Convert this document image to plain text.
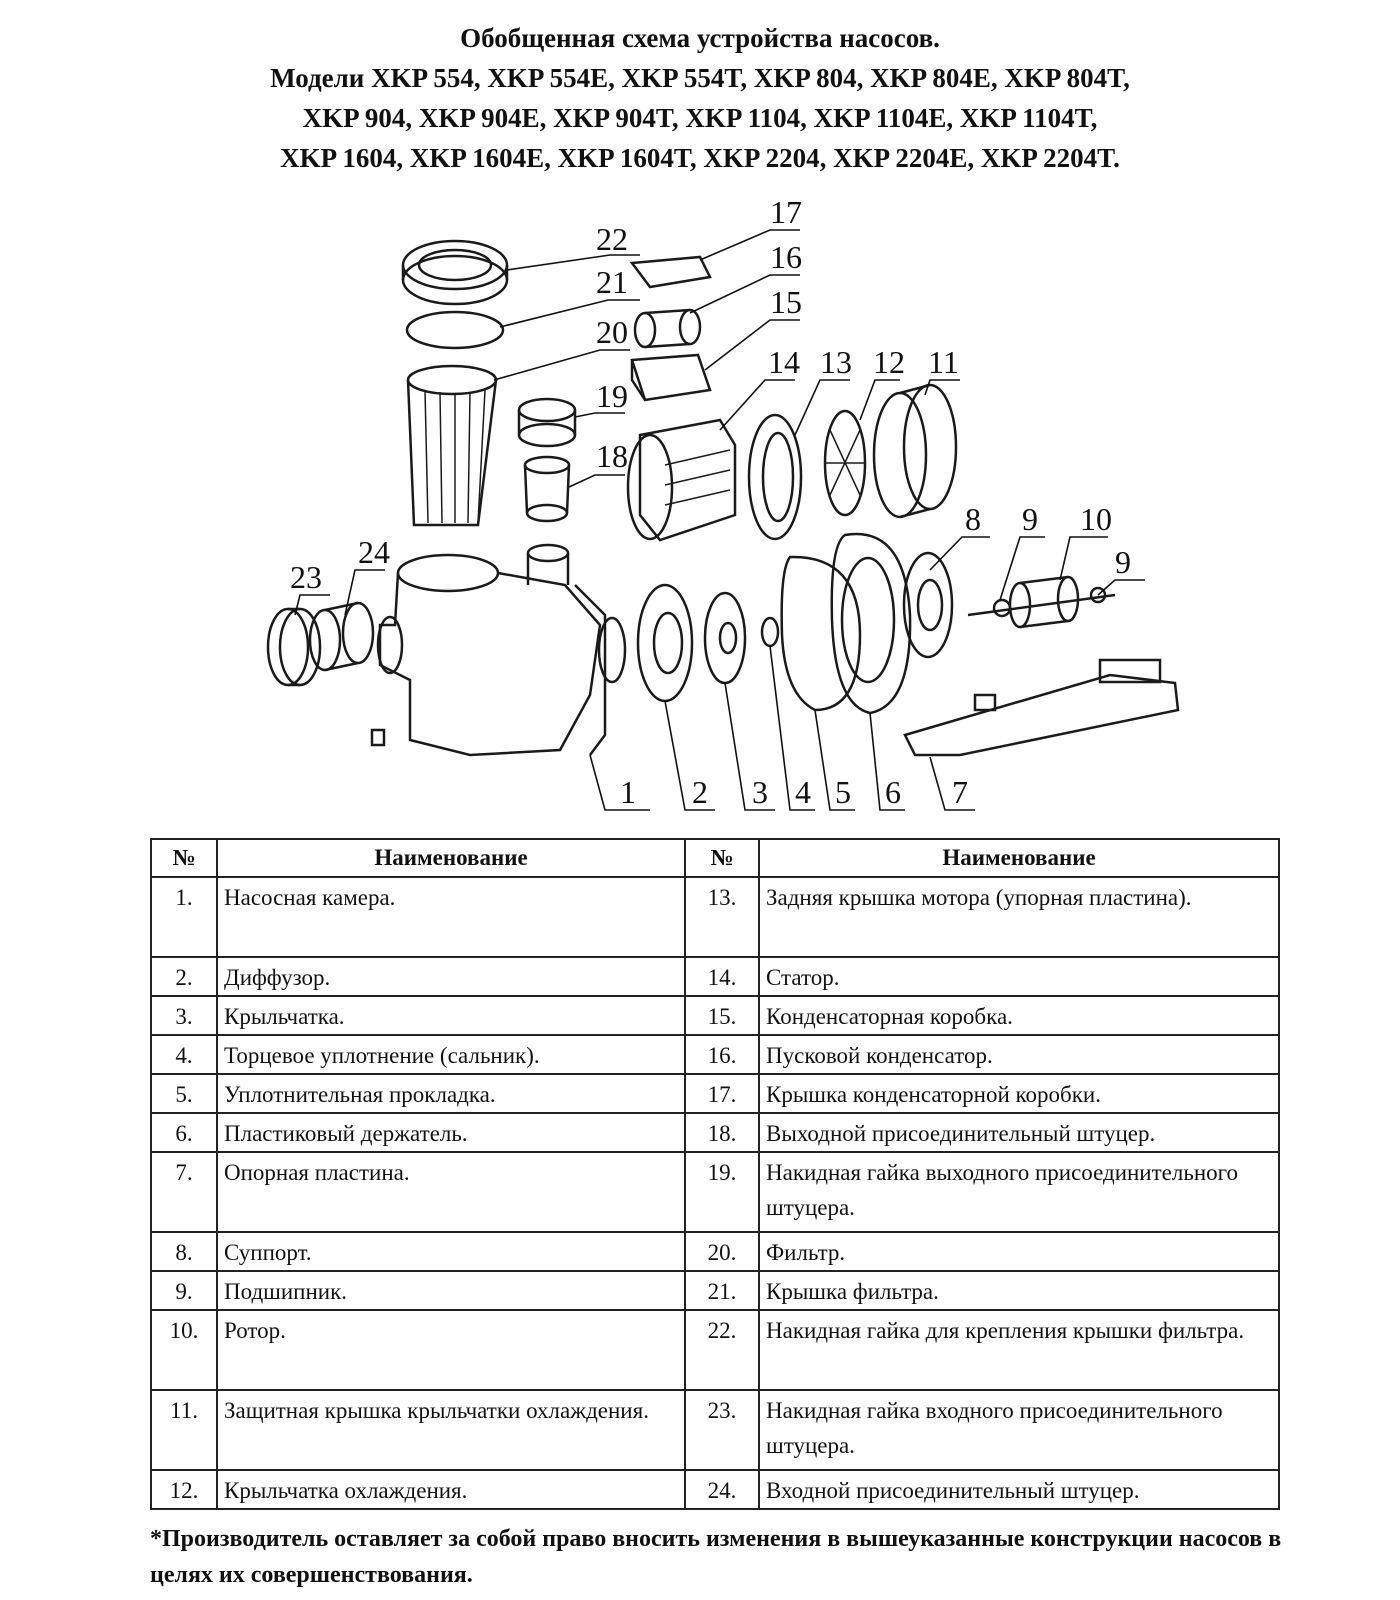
Обобщенная схема устройства насосов.
Модели XKP 554, XKP 554E, XKP 554T, XKP 804, XKP 804E, XKP 804T,
XKP 904, XKP 904E, XKP 904T, XKP 1104, XKP 1104E, XKP 1104T,
XKP 1604, XKP 1604E, XKP 1604T, XKP 2204, XKP 2204E, XKP 2204T.
22
21
20
19
18
17
16
15
14 13 12 11
8 9 10
9
23
24
1 2 3 4 5 6 7
№	Наименование	№	Наименование
1.	Насосная камера.	13.	Задняя крышка мотора (упорная пластина).
2.	Диффузор.	14.	Статор.
3.	Крыльчатка.	15.	Конденсаторная коробка.
4.	Торцевое уплотнение (сальник).	16.	Пусковой конденсатор.
5.	Уплотнительная прокладка.	17.	Крышка конденсаторной коробки.
6.	Пластиковый держатель.	18.	Выходной присоединительный штуцер.
7.	Опорная пластина.	19.	Накидная гайка выходного присоединительного штуцера.
8.	Суппорт.	20.	Фильтр.
9.	Подшипник.	21.	Крышка фильтра.
10.	Ротор.	22.	Накидная гайка для крепления крышки фильтра.
11.	Защитная крышка крыльчатки охлаждения.	23.	Накидная гайка входного присоединительного штуцера.
12.	Крыльчатка охлаждения.	24.	Входной присоединительный штуцер.
*Производитель оставляет за собой право вносить изменения в вышеуказанные конструкции насосов в целях их совершенствования.
